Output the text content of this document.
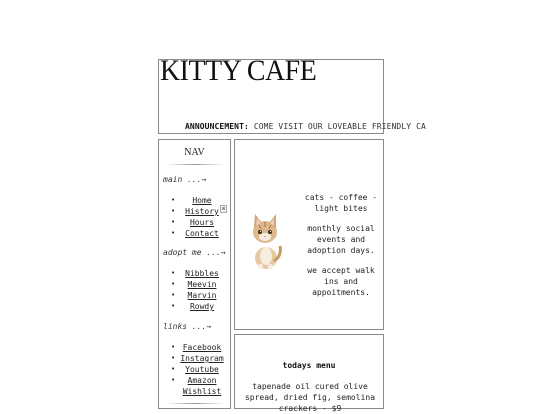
KITTY CAFE
ANNOUNCEMENT: COME VISIT OUR LOVEABLE FRIENDLY CA
NAV
main ...→
• Home
• History
• Hours
• Contact
adopt me ...→
• Nibbles
• Meevin
• Marvin
• Rowdy
links ...→
• Facebook
• Instagram
• Youtube
• Amazon
Wishlist
cats - coffee - light bites
monthly social events and adoption days.
we accept walk ins and appoitments.
todays menu
tapenade oil cured olive spread, dried fig, semolina crackers - $9
